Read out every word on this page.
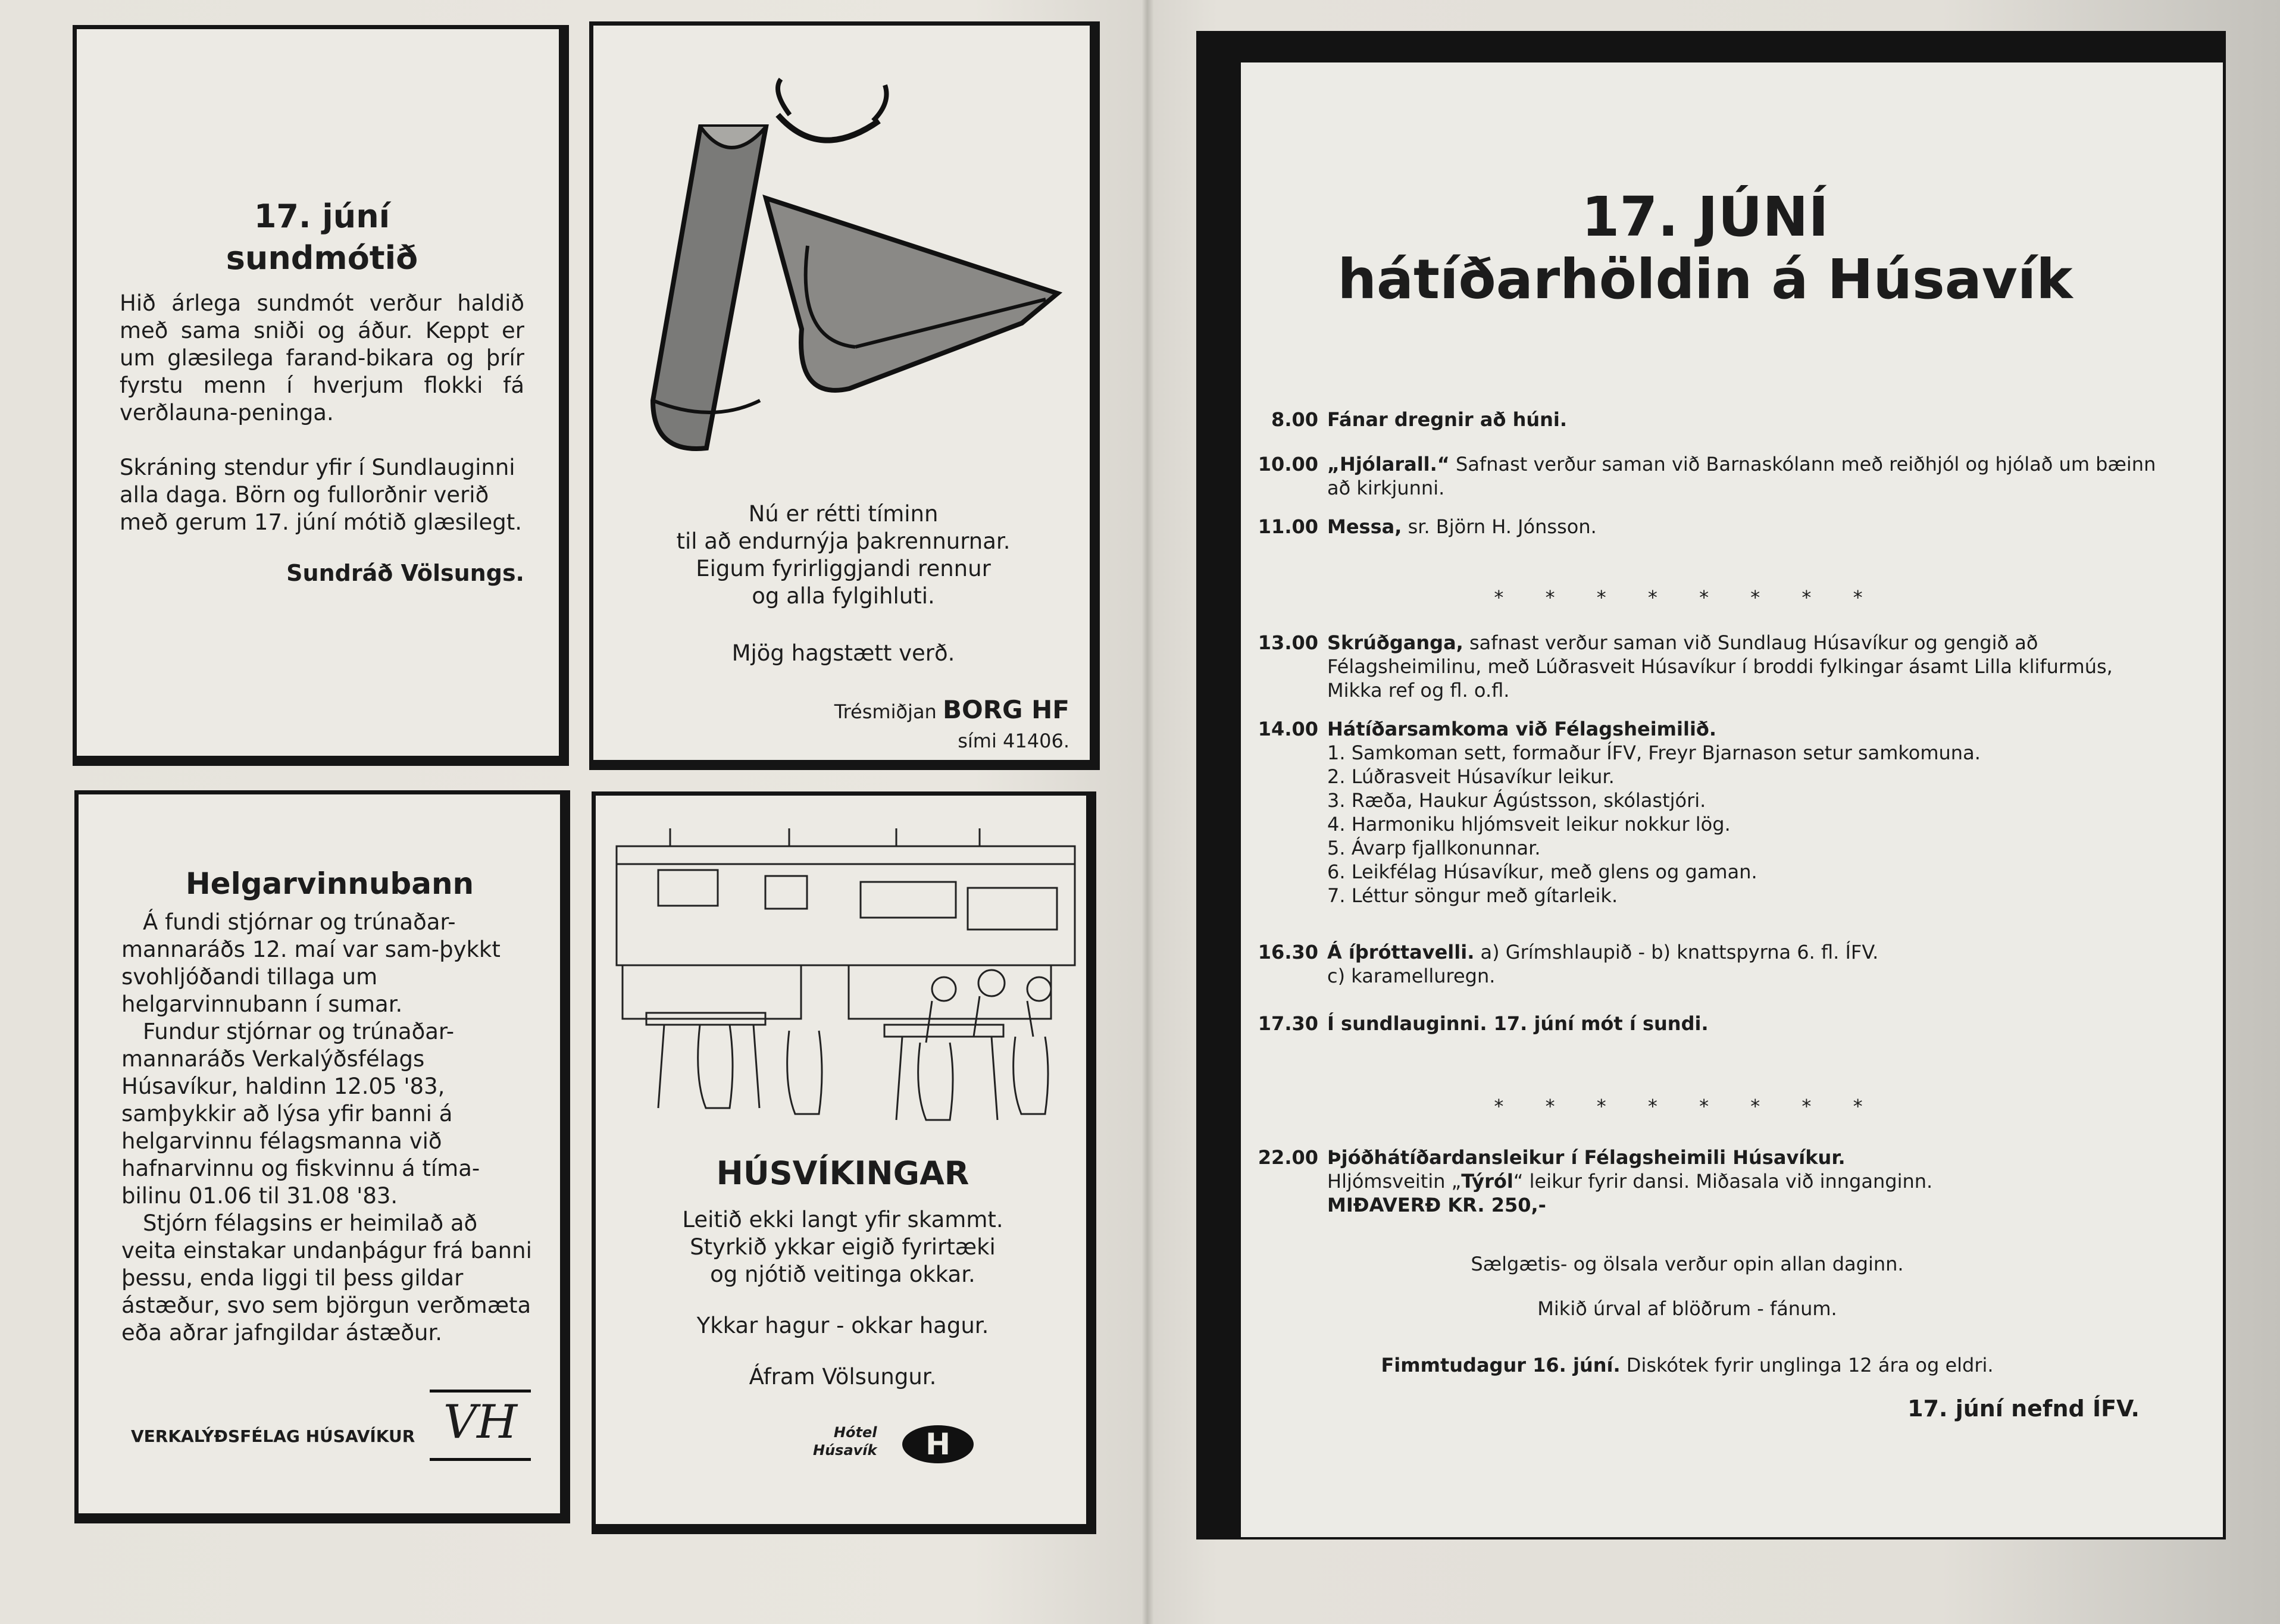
17. júní

sundmótið

Hið árlega sundmót verður haldið með sama sniði og áður. Keppt er um glæsilega farand-bikara og þrír fyrstu menn í hverjum flokki fá verðlauna-peninga.

Skráning stendur yfir í Sundlauginni alla daga. Börn og fullorðnir verið með gerum 17. júní mótið glæsilegt.

Sundráð Völsungs.

Nú er rétti tíminn

til að endurnýja þakrennurnar.

Eigum fyrirliggjandi rennur

og alla fylgihluti.

Mjög hagstætt verð.

Trésmiðjan BORG HF

sími 41406.

Helgarvinnubann

Á fundi stjórnar og trúnaðar-mannaráðs 12. maí var sam-þykkt svohljóðandi tillaga um helgarvinnubann í sumar.

Fundur stjórnar og trúnaðar-mannaráðs Verkalýðsfélags Húsavíkur, haldinn 12.05 '83, samþykkir að lýsa yfir banni á helgarvinnu félagsmanna við hafnarvinnu og fiskvinnu á tíma-bilinu 01.06 til 31.08 '83.

Stjórn félagsins er heimilað að veita einstakar undanþágur frá banni þessu, enda liggi til þess gildar ástæður, svo sem björgun verðmæta eða aðrar jafngildar ástæður.

VERKALÝÐSFÉLAG HÚSAVÍKUR VH

HÚSVÍKINGAR

Leitið ekki langt yfir skammt.

Styrkið ykkar eigið fyrirtæki

og njótið veitinga okkar.

Ykkar hagur - okkar hagur.

Áfram Völsungur.

Hótel
Húsavík	H
17. JÚNÍ
hátíðarhöldin á Húsavík
8.00 Fánar dregnir að húni.
10.00 „Hjólarall.“ Safnast verður saman við Barnaskólann með reiðhjól og hjólað um bæinn að kirkjunni.
11.00 Messa, sr. Björn H. Jónsson.
* * * * * * * *
13.00 Skrúðganga, safnast verður saman við Sundlaug Húsavíkur og gengið að Félagsheimilinu, með Lúðrasveit Húsavíkur í broddi fylkingar ásamt Lilla klifurmús, Mikka ref og fl. o.fl.
14.00 Hátíðarsamkoma við Félagsheimilið.
1. Samkoman sett, formaður ÍFV, Freyr Bjarnason setur samkomuna.
2. Lúðrasveit Húsavíkur leikur.
3. Ræða, Haukur Ágústsson, skólastjóri.
4. Harmoniku hljómsveit leikur nokkur lög.
5. Ávarp fjallkonunnar.
6. Leikfélag Húsavíkur, með glens og gaman.
7. Léttur söngur með gítarleik.
16.30 Á íþróttavelli. a) Grímshlaupið - b) knattspyrna 6. fl. ÍFV.
c) karamelluregn.
17.30 Í sundlauginni. 17. júní mót í sundi.
* * * * * * * *
22.00 Þjóðhátíðardansleikur í Félagsheimili Húsavíkur.
Hljómsveitin „Týról“ leikur fyrir dansi. Miðasala við innganginn.
MIÐAVERÐ KR. 250,-
Sælgætis- og ölsala verður opin allan daginn.
Mikið úrval af blöðrum - fánum.
Fimmtudagur 16. júní. Diskótek fyrir unglinga 12 ára og eldri.
17. júní nefnd ÍFV.
